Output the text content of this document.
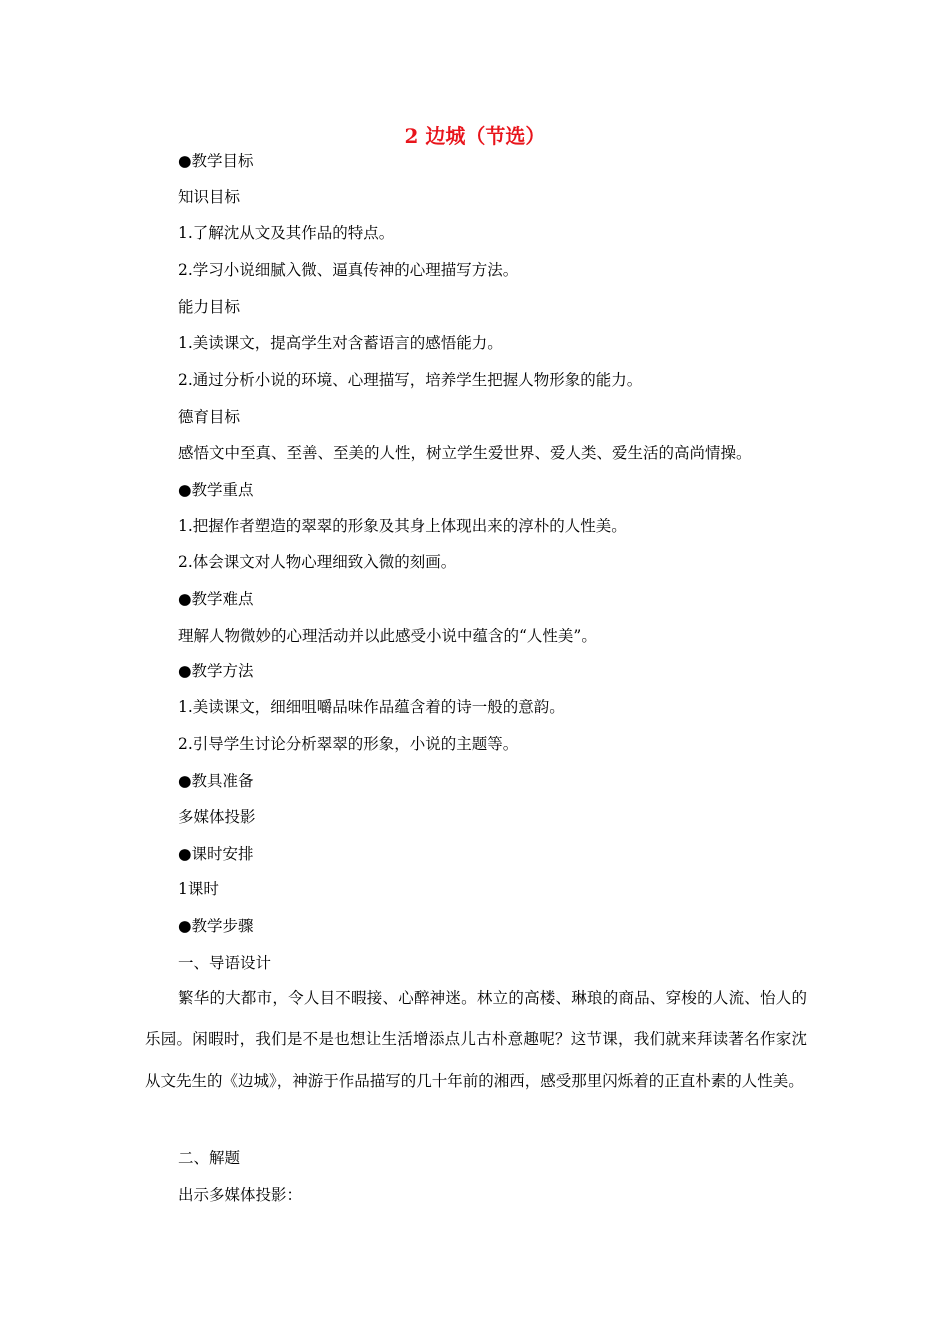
2 边城（节选）
●教学目标
知识目标
1.了解沈从文及其作品的特点。
2.学习小说细腻入微、逼真传神的心理描写方法。
能力目标
1.美读课文，提高学生对含蓄语言的感悟能力。
2.通过分析小说的环境、心理描写，培养学生把握人物形象的能力。
德育目标
感悟文中至真、至善、至美的人性，树立学生爱世界、爱人类、爱生活的高尚情操。
●教学重点
1.把握作者塑造的翠翠的形象及其身上体现出来的淳朴的人性美。
2.体会课文对人物心理细致入微的刻画。
●教学难点
理解人物微妙的心理活动并以此感受小说中蕴含的“人性美”。
●教学方法
1.美读课文，细细咀嚼品味作品蕴含着的诗一般的意韵。
2.引导学生讨论分析翠翠的形象，小说的主题等。
●教具准备
多媒体投影
●课时安排
1课时
●教学步骤
一、导语设计
繁华的大都市，令人目不暇接、心醉神迷。林立的高楼、琳琅的商品、穿梭的人流、怡人的乐园。闲暇时，我们是不是也想让生活增添点儿古朴意趣呢？这节课，我们就来拜读著名作家沈从文先生的《边城》，神游于作品描写的几十年前的湘西，感受那里闪烁着的正直朴素的人性美。
二、解题
出示多媒体投影：
